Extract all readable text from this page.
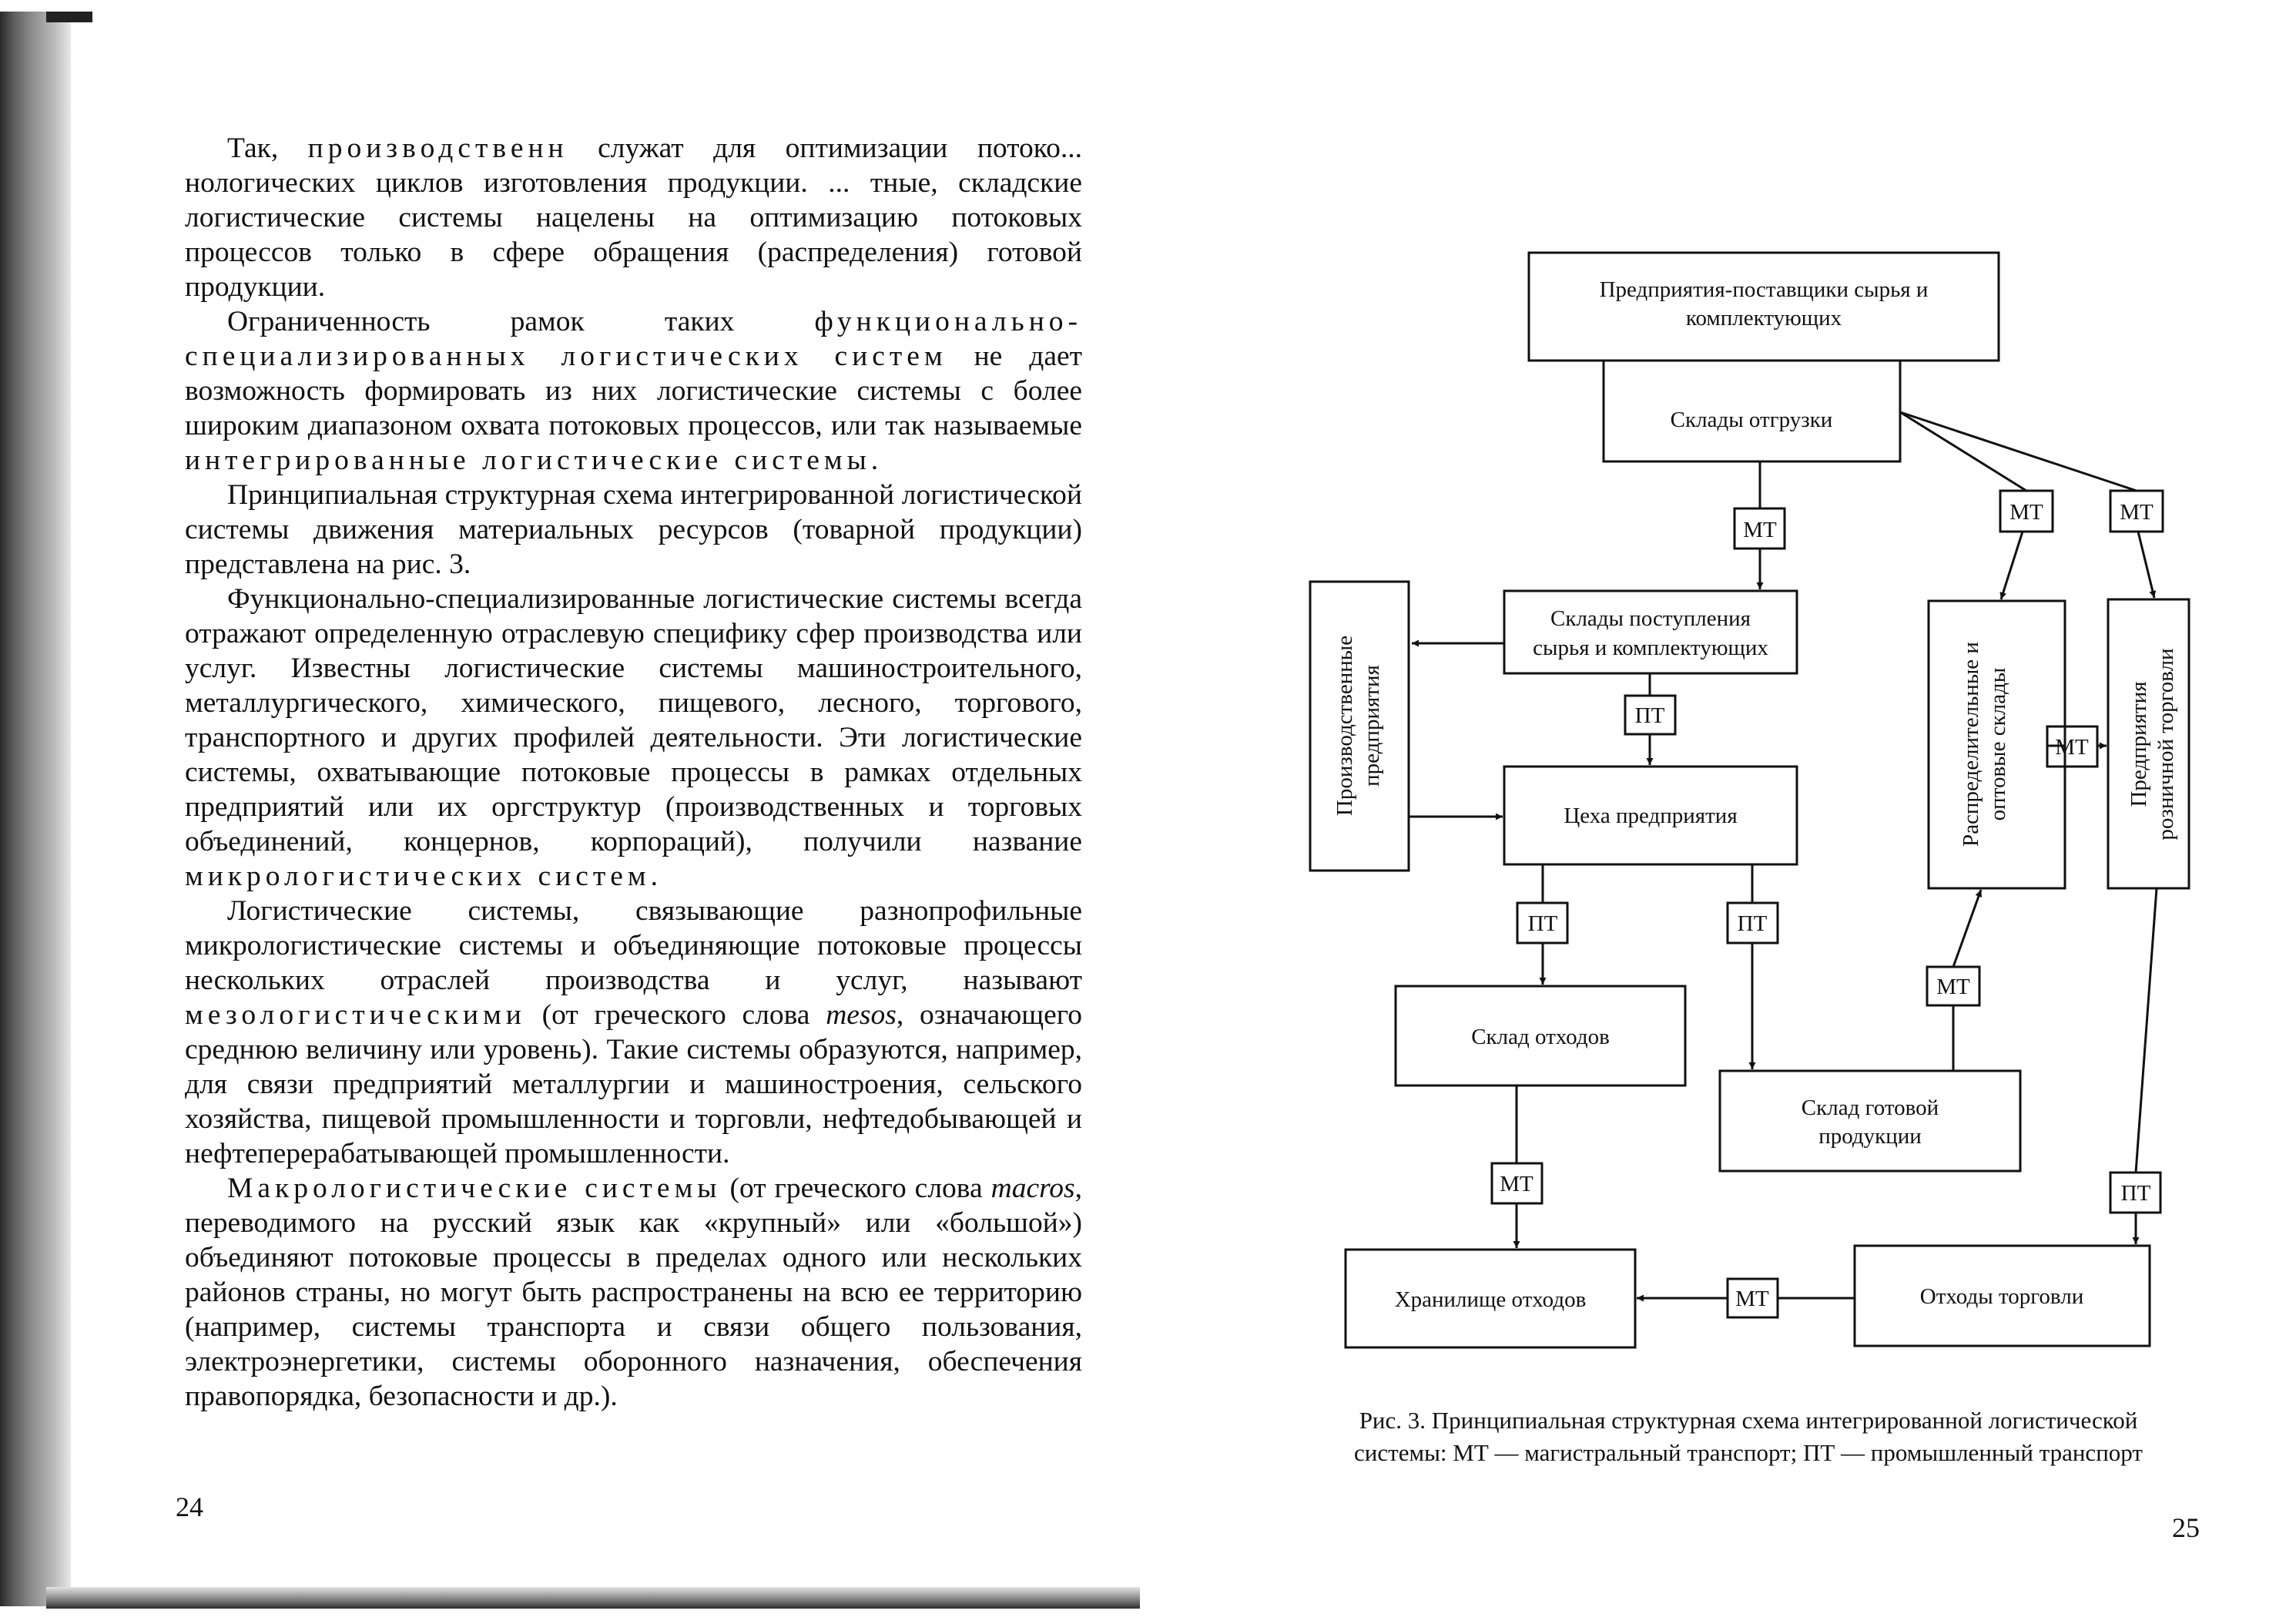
Так, производственн служат для оптимизации потоко... нологических циклов изготовления продукции. ... тные, складские логистические системы нацелены на оптимизацию потоковых процессов только в сфере обращения (распределения) готовой продукции.

Ограниченность рамок таких функционально-специализированных логистических систем не дает возможность формировать из них логистические системы с более широким диапазоном охвата потоковых процессов, или так называемые интегрированные логистические системы.

Принципиальная структурная схема интегрированной логистической системы движения материальных ресурсов (товарной продукции) представлена на рис. 3.

Функционально-специализированные логистические системы всегда отражают определенную отраслевую специфику сфер производства или услуг. Известны логистические системы машиностроительного, металлургического, химического, пищевого, лесного, торгового, транспортного и других профилей деятельности. Эти логистические системы, охватывающие потоковые процессы в рамках отдельных предприятий или их оргструктур (производственных и торговых объединений, концернов, корпораций), получили название микрологистических систем.

Логистические системы, связывающие разнопрофильные микрологистические системы и объединяющие потоковые процессы нескольких отраслей производства и услуг, называют мезологистическими (от греческого слова mesos, означающего среднюю величину или уровень). Такие системы образуются, например, для связи предприятий металлургии и машиностроения, сельского хозяйства, пищевой промышленности и торговли, нефтедобывающей и нефтеперерабатывающей промышленности.

Макрологистические системы (от греческого слова macros, переводимого на русский язык как «крупный» или «большой») объединяют потоковые процессы в пределах одного или нескольких районов страны, но могут быть распространены на всю ее территорию (например, системы транспорта и связи общего пользования, электроэнергетики, системы оборонного назначения, обеспечения правопорядка, безопасности и др.).

24
Предприятия-поставщики сырья и
комплектующих
Склады отгрузки
Склады поступления
сырья и комплектующих
Цеха предприятия
Склад отходов
Склад готовой
продукции
Хранилище отходов	Отходы торговли
Производственные предприятия	Распределительные и оптовые склады	Предприятия розничной торговли
МТ
МТ	МТ
ПТ
МТ
ПТ	ПТ
МТ
МТ	ПТ
МТ
Рис. 3. Принципиальная структурная схема интегрированной логистической
системы: МТ — магистральный транспорт; ПТ — промышленный транспорт
25
